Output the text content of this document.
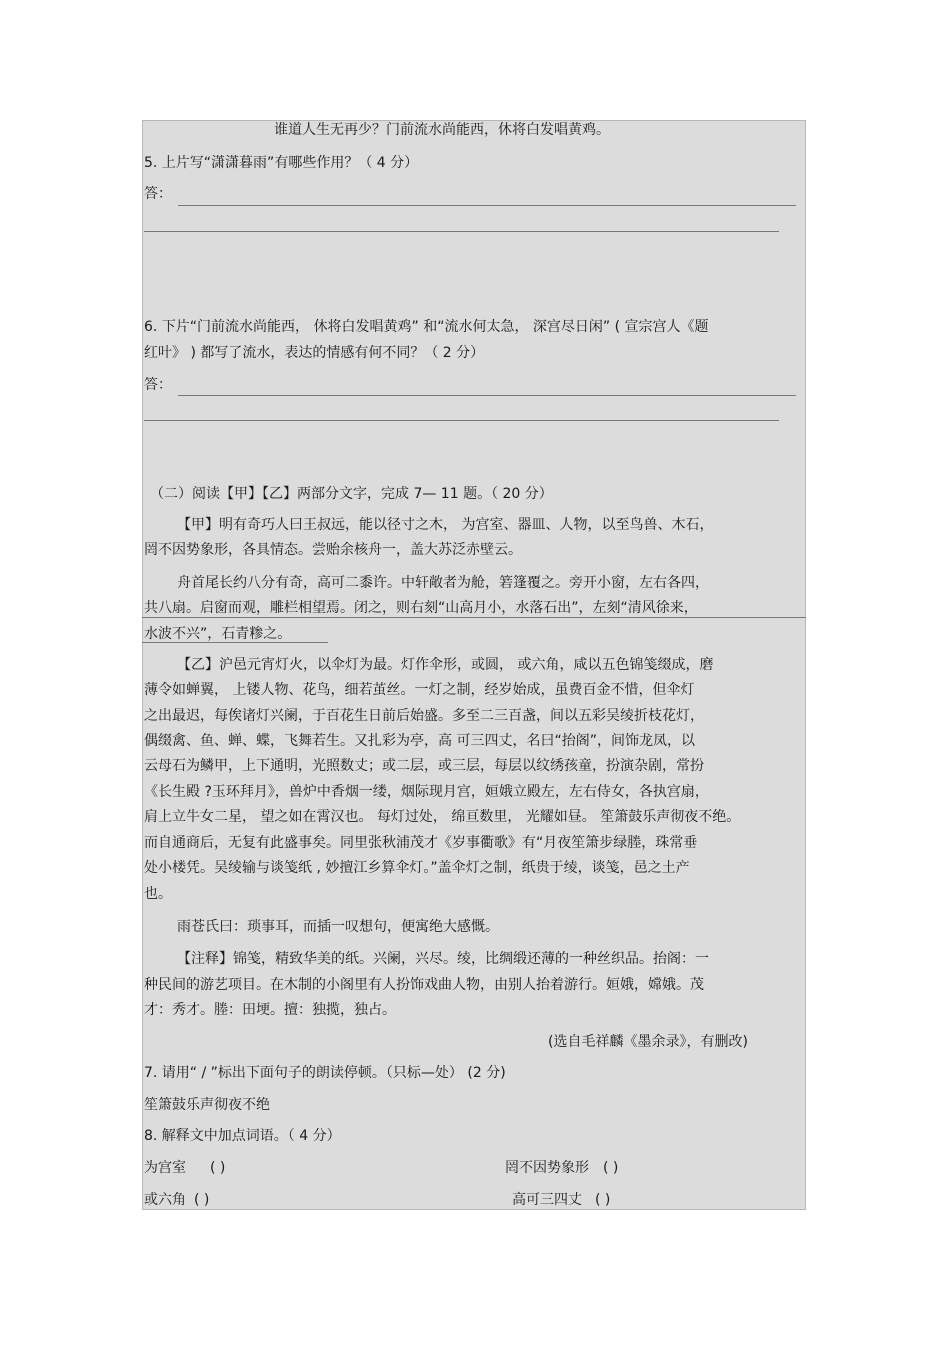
谁道人生无再少？门前流水尚能西，休将白发唱黄鸡。
5. 上片写“潇潇暮雨”有哪些作用？（ 4 分）
答：
6. 下片“门前流水尚能西， 休将白发唱黄鸡” 和“流水何太急， 深宫尽日闲” ( 宣宗宫人《题
红叶》 ) 都写了流水，表达的情感有何不同？（ 2 分）
答：
（二）阅读【甲】【乙】两部分文字，完成 7— 11 题。（ 20 分）
【甲】明有奇巧人曰王叔远，能以径寸之木， 为宫室、器皿、人物，以至鸟兽、木石，
罔不因势象形，各具情态。尝贻余核舟一，盖大苏泛赤壁云。
舟首尾长约八分有奇，高可二黍许。中轩敞者为舱，箬篷覆之。旁开小窗，左右各四，
共八扇。启窗而观，雕栏相望焉。闭之，则右刻“山高月小，水落石出”，左刻“清风徐来，
水波不兴”，石青糁之。
【乙】沪邑元宵灯火，以伞灯为最。灯作伞形，或圆， 或六角，咸以五色锦笺缀成，磨
薄令如蝉翼， 上镂人物、花鸟，细若茧丝。一灯之制，经岁始成，虽费百金不惜，但伞灯
之出最迟，每俟诸灯兴阑，于百花生日前后始盛。多至二三百盏，间以五彩吴绫折枝花灯，
偶缀禽、鱼、蝉、蝶，飞舞若生。又扎彩为亭，高 可三四丈，名曰“抬阁”，间饰龙凤，以
云母石为鳞甲，上下通明，光照数丈；或二层，或三层，每层以纹绣孩童，扮演杂剧，常扮
《长生殿 ?玉环拜月》，兽炉中香烟一缕，烟际现月宫，姮娥立殿左，左右侍女，各执宫扇，
肩上立牛女二星， 望之如在霄汉也。 每灯过处， 绵亘数里， 光耀如昼。 笙箫鼓乐声彻夜不绝。
而自通商后，无复有此盛事矣。同里张秋浦茂才《岁事衢歌》有“月夜笙箫步绿塍，珠常垂
处小楼凭。吴绫输与谈笺纸 , 妙擅江乡算伞灯。”盖伞灯之制，纸贵于绫，谈笺，邑之土产
也。
雨苍氏曰：琐事耳，而插一叹想句，便寓绝大感慨。
【注释】锦笺，精致华美的纸。兴阑，兴尽。绫，比绸缎还薄的一种丝织品。抬阁：一
种民间的游艺项目。在木制的小阁里有人扮饰戏曲人物，由别人抬着游行。姮娥，嫦娥。茂
才：秀才。塍：田埂。擅：独揽，独占。
(选自毛祥麟《墨余录》，有删改)
7. 请用“ / ”标出下面句子的朗读停顿。（只标—处） (2 分)
笙箫鼓乐声彻夜不绝
8. 解释文中加点词语。（ 4 分）
为宫室 ( )	罔不因势象形 ( )
或六角 ( )	高可三四丈 ( )
